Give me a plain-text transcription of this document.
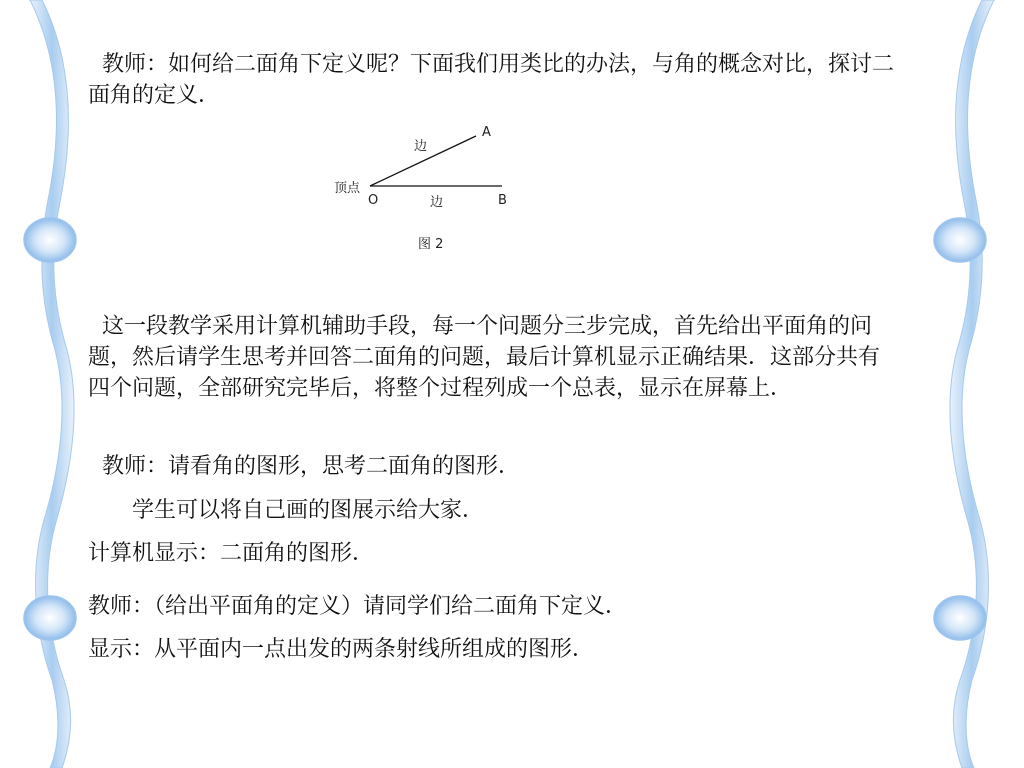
教师：如何给二面角下定义呢？下面我们用类比的办法，与角的概念对比，探讨二面角的定义．

边
A
顶点
O	边	B
图 2

这一段教学采用计算机辅助手段，每一个问题分三步完成，首先给出平面角的问题，然后请学生思考并回答二面角的问题，最后计算机显示正确结果．这部分共有四个问题，全部研究完毕后，将整个过程列成一个总表，显示在屏幕上．

教师：请看角的图形，思考二面角的图形．

学生可以将自己画的图展示给大家．

计算机显示：二面角的图形．

教师：（给出平面角的定义）请同学们给二面角下定义．

显示：从平面内一点出发的两条射线所组成的图形．
